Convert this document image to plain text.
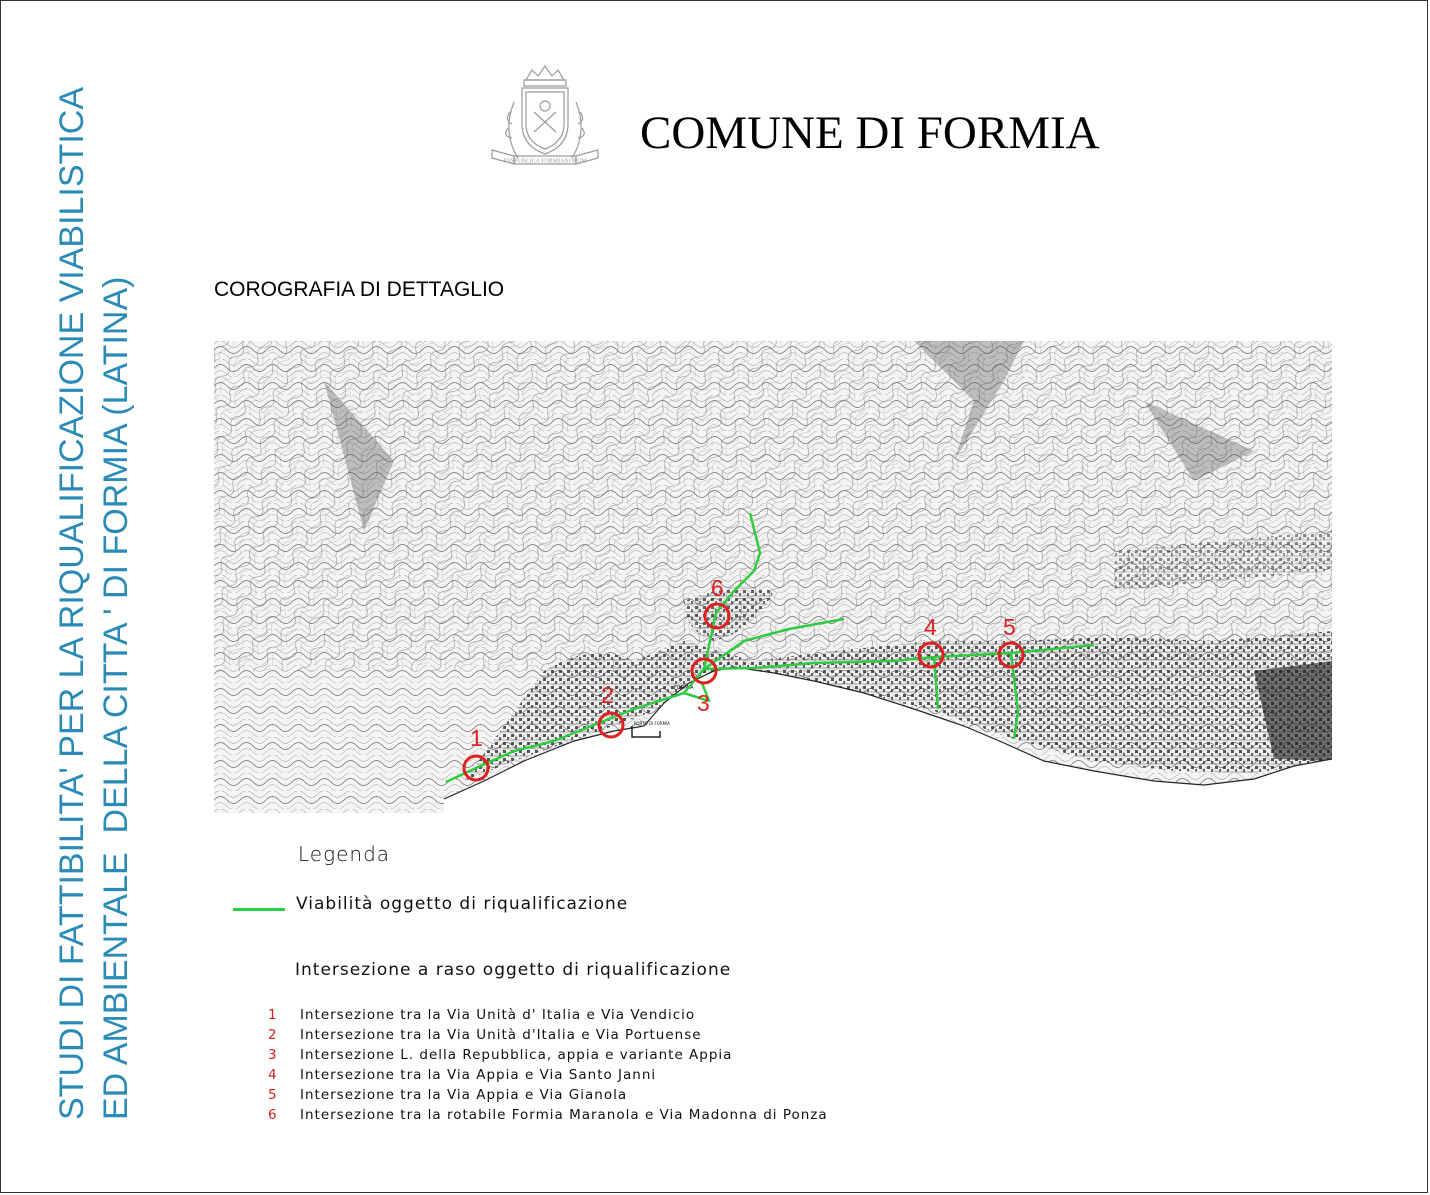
STUDI DI FATTIBILITA' PER LA RIQUALIFICAZIONE VIABILISTICA ED AMBIENTALE  DELLA CITTA ' DI FORMIA (LATINA)
RESPUBLICA FORMIANORUM
COMUNE DI FORMIA
COROGRAFIA DI DETTAGLIO
FORMIA
PORTO DI FORMIA
1
2	3
4	5
6
Legenda
Viabilità oggetto di riqualificazione
Intersezione a raso oggetto di riqualificazione
1	Intersezione tra la Via Unità d' Italia e Via Vendicio
2	Intersezione tra la Via Unità d'Italia e Via Portuense
3	Intersezione L. della Repubblica, appia e variante Appia
4	Intersezione tra la Via Appia e Via Santo Janni
5	Intersezione tra la Via Appia e Via Gianola
6	Intersezione tra la rotabile Formia Maranola e Via Madonna di Ponza
